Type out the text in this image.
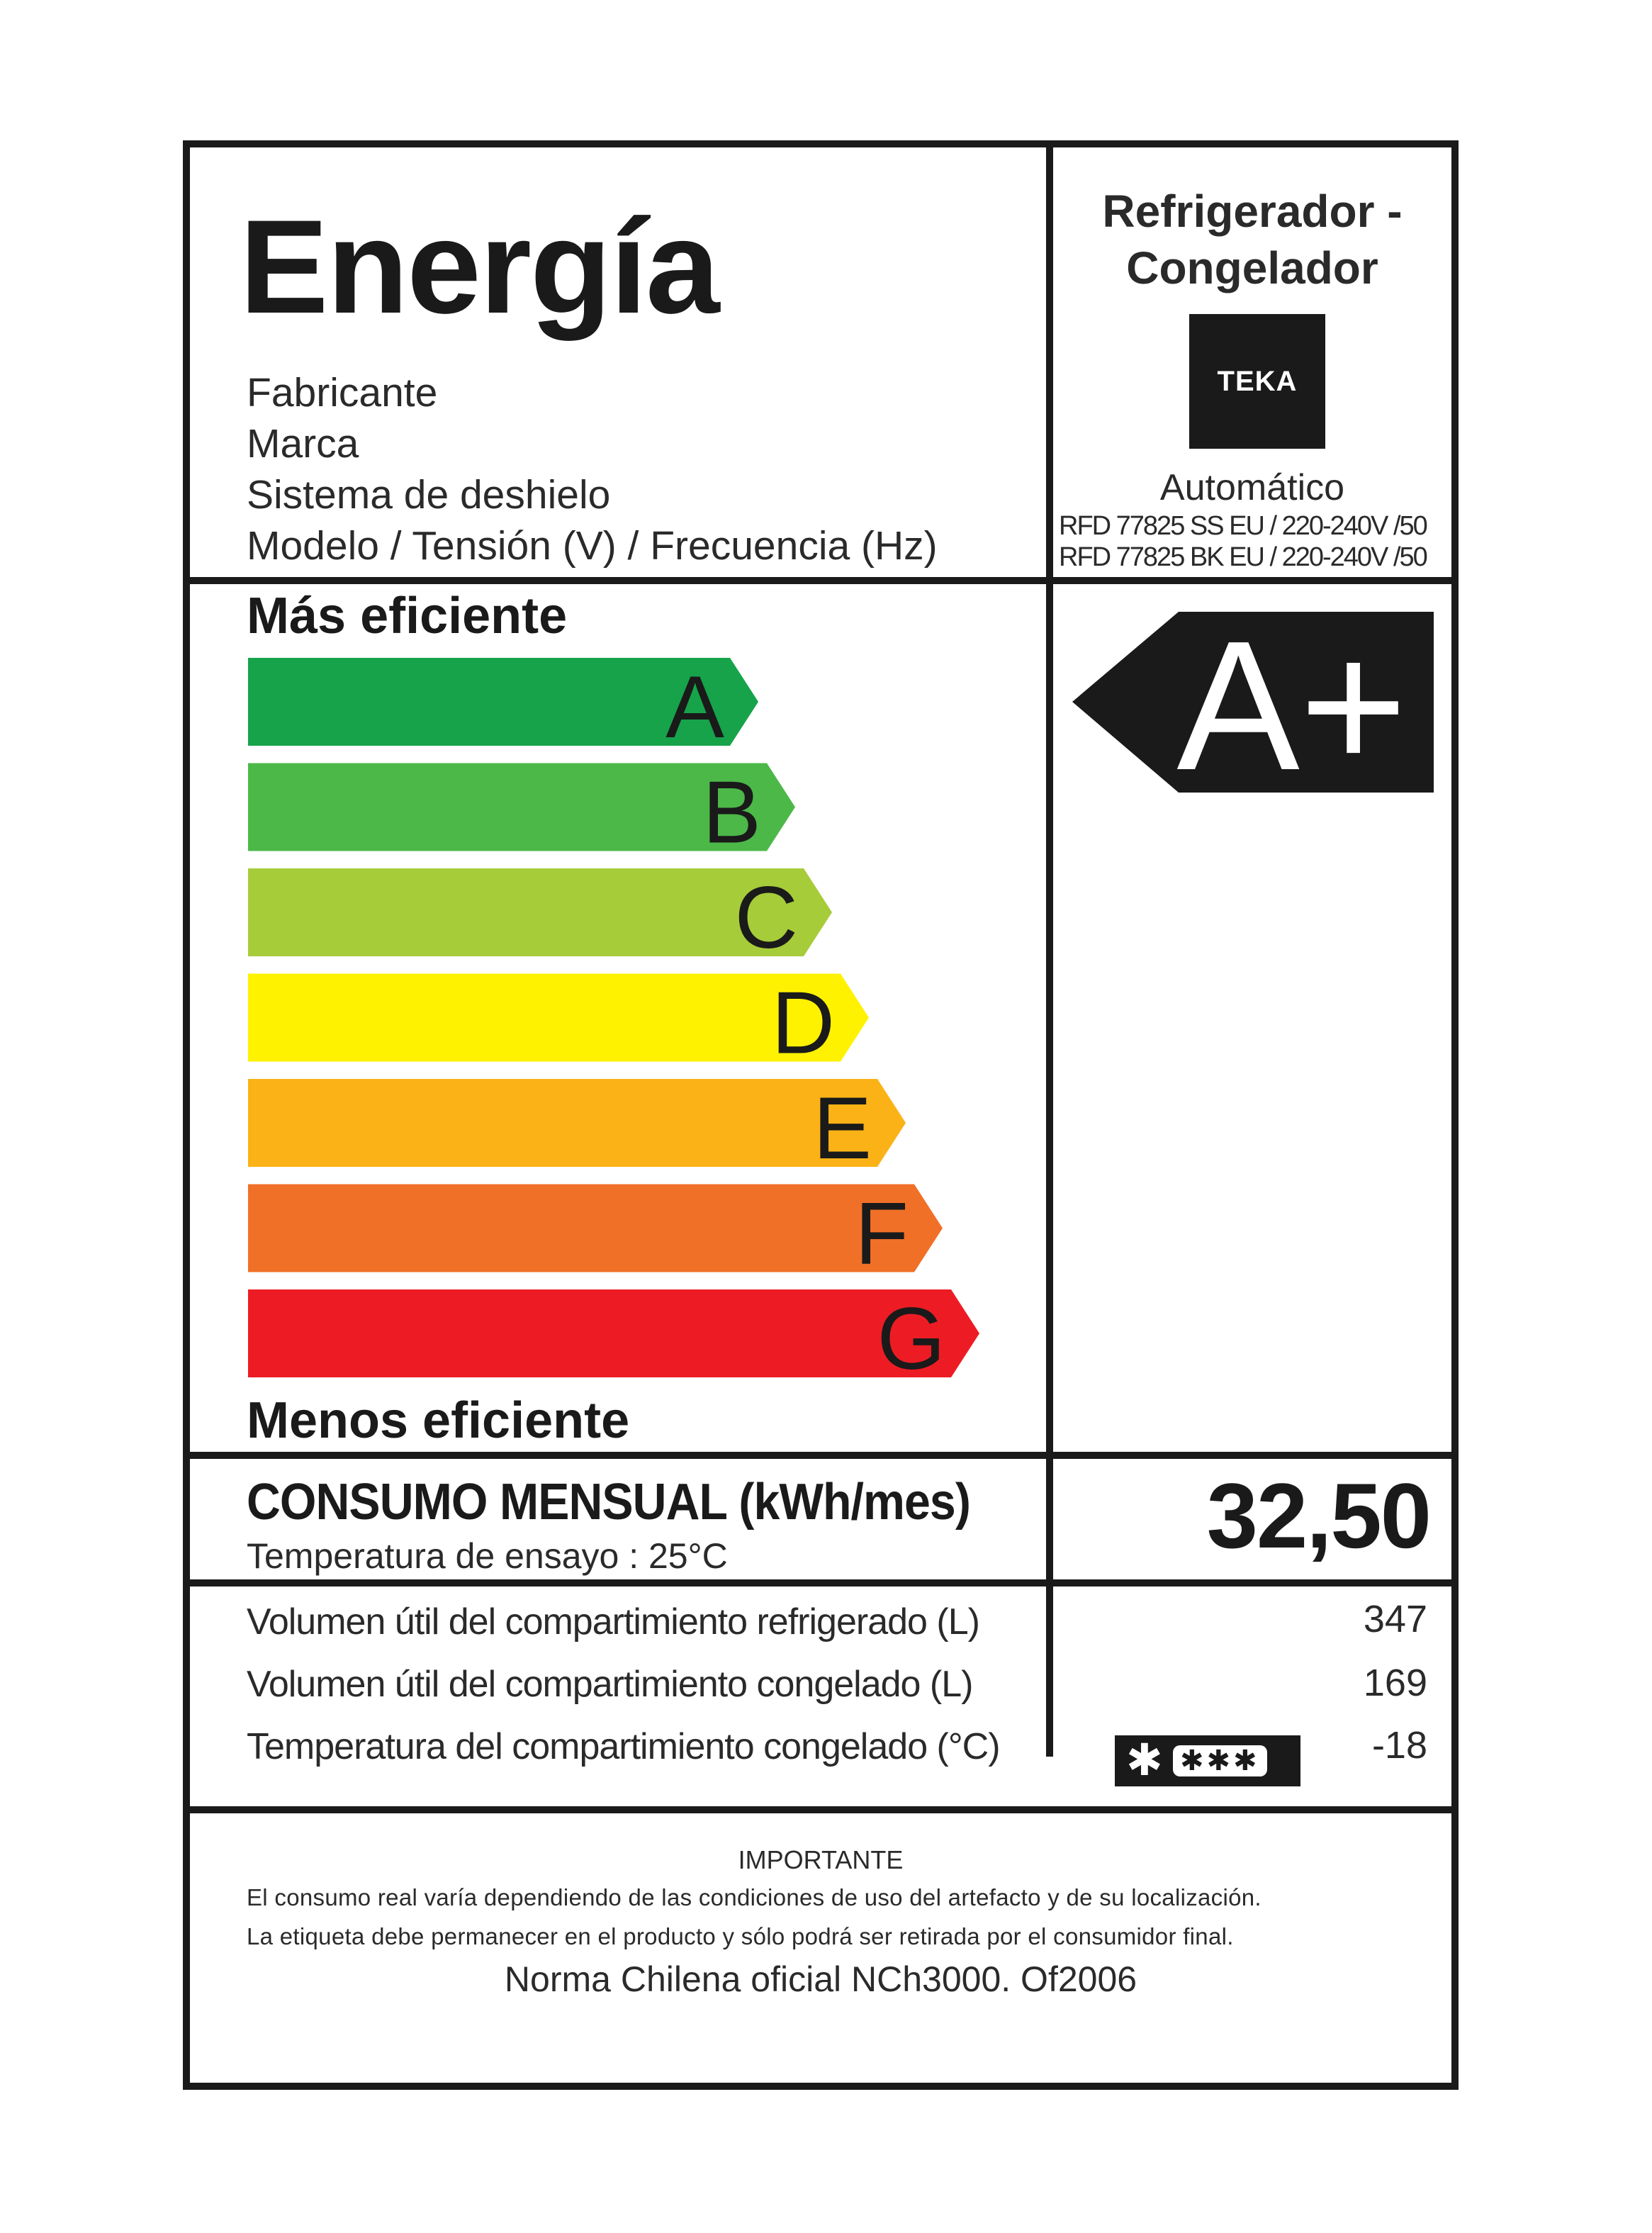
Energía
Fabricante
Marca
Sistema de deshielo
Modelo / Tensión (V) / Frecuencia (Hz)
Refrigerador - Congelador
TEKA
Automático
RFD 77825 SS EU / 220-240V /50
RFD 77825 BK EU / 220-240V /50
Más eficiente
A
B
C
D
E
F
G
Menos eficiente
A+
CONSUMO MENSUAL (kWh/mes)
Temperatura de ensayo : 25°C	32,50
Volumen útil del compartimiento refrigerado (L)	347
Volumen útil del compartimiento congelado (L)	169
Temperatura del compartimiento congelado (°C)	✱ ✱✱✱	-18
IMPORTANTE
El consumo real varía dependiendo de las condiciones de uso del artefacto y de su localización.
La etiqueta debe permanecer en el producto y sólo podrá ser retirada por el consumidor final.
Norma Chilena oficial NCh3000. Of2006
